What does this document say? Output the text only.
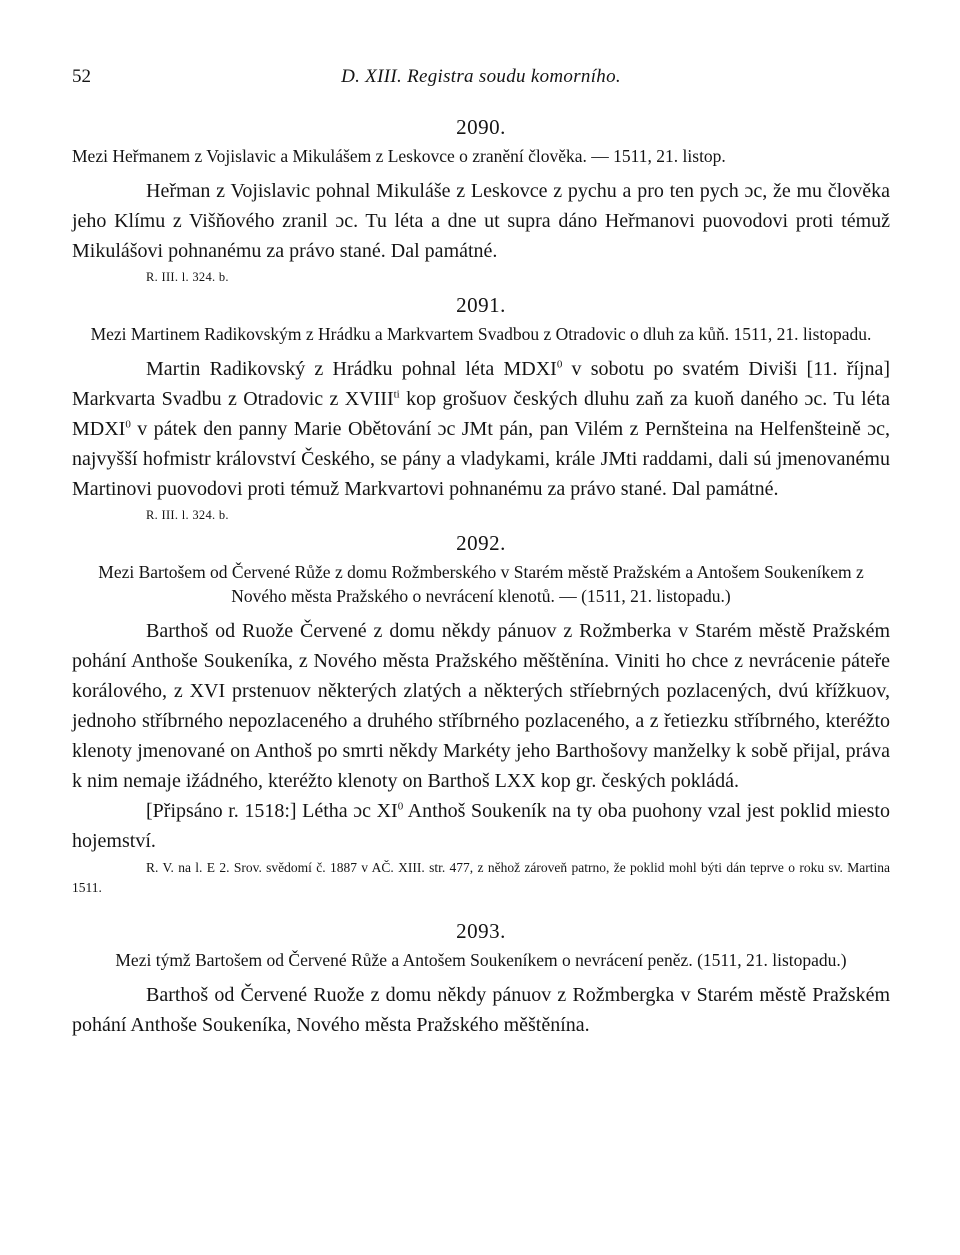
52	D. XIII. Registra soudu komorního.

2090.

Mezi Heřmanem z Vojislavic a Mikulášem z Leskovce o zranění člověka. — 1511, 21. listop.

Heřman z Vojislavic pohnal Mikuláše z Leskovce z pychu a pro ten pych ɔc, že mu člověka jeho Klímu z Višňového zranil ɔc. Tu léta a dne ut supra dáno Heřmanovi puovodovi proti témuž Mikulášovi pohnanému za právo stané. Dal památné.

R. III. l. 324. b.

2091.

Mezi Martinem Radikovským z Hrádku a Markvartem Svadbou z Otradovic o dluh za kůň. 1511, 21. listopadu.

Martin Radikovský z Hrádku pohnal léta MDXI$^0$ v sobotu po svatém Diviši [11. října] Markvarta Svadbu z Otradovic z $XVIII^{ti}$ kop grošuov českých dluhu zaň za kuoň daného ɔc. Tu léta MDXI$^0$ v pátek den panny Marie Obětování ɔc JMt pán, pan Vilém z Pernšteina na Helfenšteině ɔc, najvyšší hofmistr království Českého, se pány a vladykami, krále JMti raddami, dali sú jmenovanému Martinovi puovodovi proti témuž Markvartovi pohnanému za právo stané. Dal památné.

R. III. l. 324. b.

2092.

Mezi Bartošem od Červené Růže z domu Rožmberského v Starém městě Pražském a Antošem Soukeníkem z Nového města Pražského o nevrácení klenotů. — (1511, 21. listopadu.)

Barthoš od Ruože Červené z domu někdy pánuov z Rožmberka v Starém městě Pražském pohání Anthoše Soukeníka, z Nového města Pražského měštěnína. Viniti ho chce z nevrácenie páteře korálového, z XVI prstenuov některých zlatých a některých stříebrných pozlacených, dvú křížkuov, jednoho stříbrného nepozlaceného a druhého stříbrného pozlaceného, a z řetiezku stříbrného, kteréžto klenoty jmenované on Anthoš po smrti někdy Markéty jeho Barthošovy manželky k sobě přijal, práva k nim nemaje ižádného, kteréžto klenoty on Barthoš LXX kop gr. českých pokládá.

[Připsáno r. 1518:] Létha ɔc $XI^0$ Anthoš Soukeník na ty oba puohony vzal jest poklid miesto hojemství.

R. V. na l. E 2. Srov. svědomí č. 1887 v AČ. XIII. str. 477, z něhož zároveň patrno, že poklid mohl býti dán teprve o roku sv. Martina 1511.

2093.

Mezi týmž Bartošem od Červené Růže a Antošem Soukeníkem o nevrácení peněz. (1511, 21. listopadu.)

Barthoš od Červené Ruože z domu někdy pánuov z Rožmbergka v Starém městě Pražském pohání Anthoše Soukeníka, Nového města Pražského měštěnína.
